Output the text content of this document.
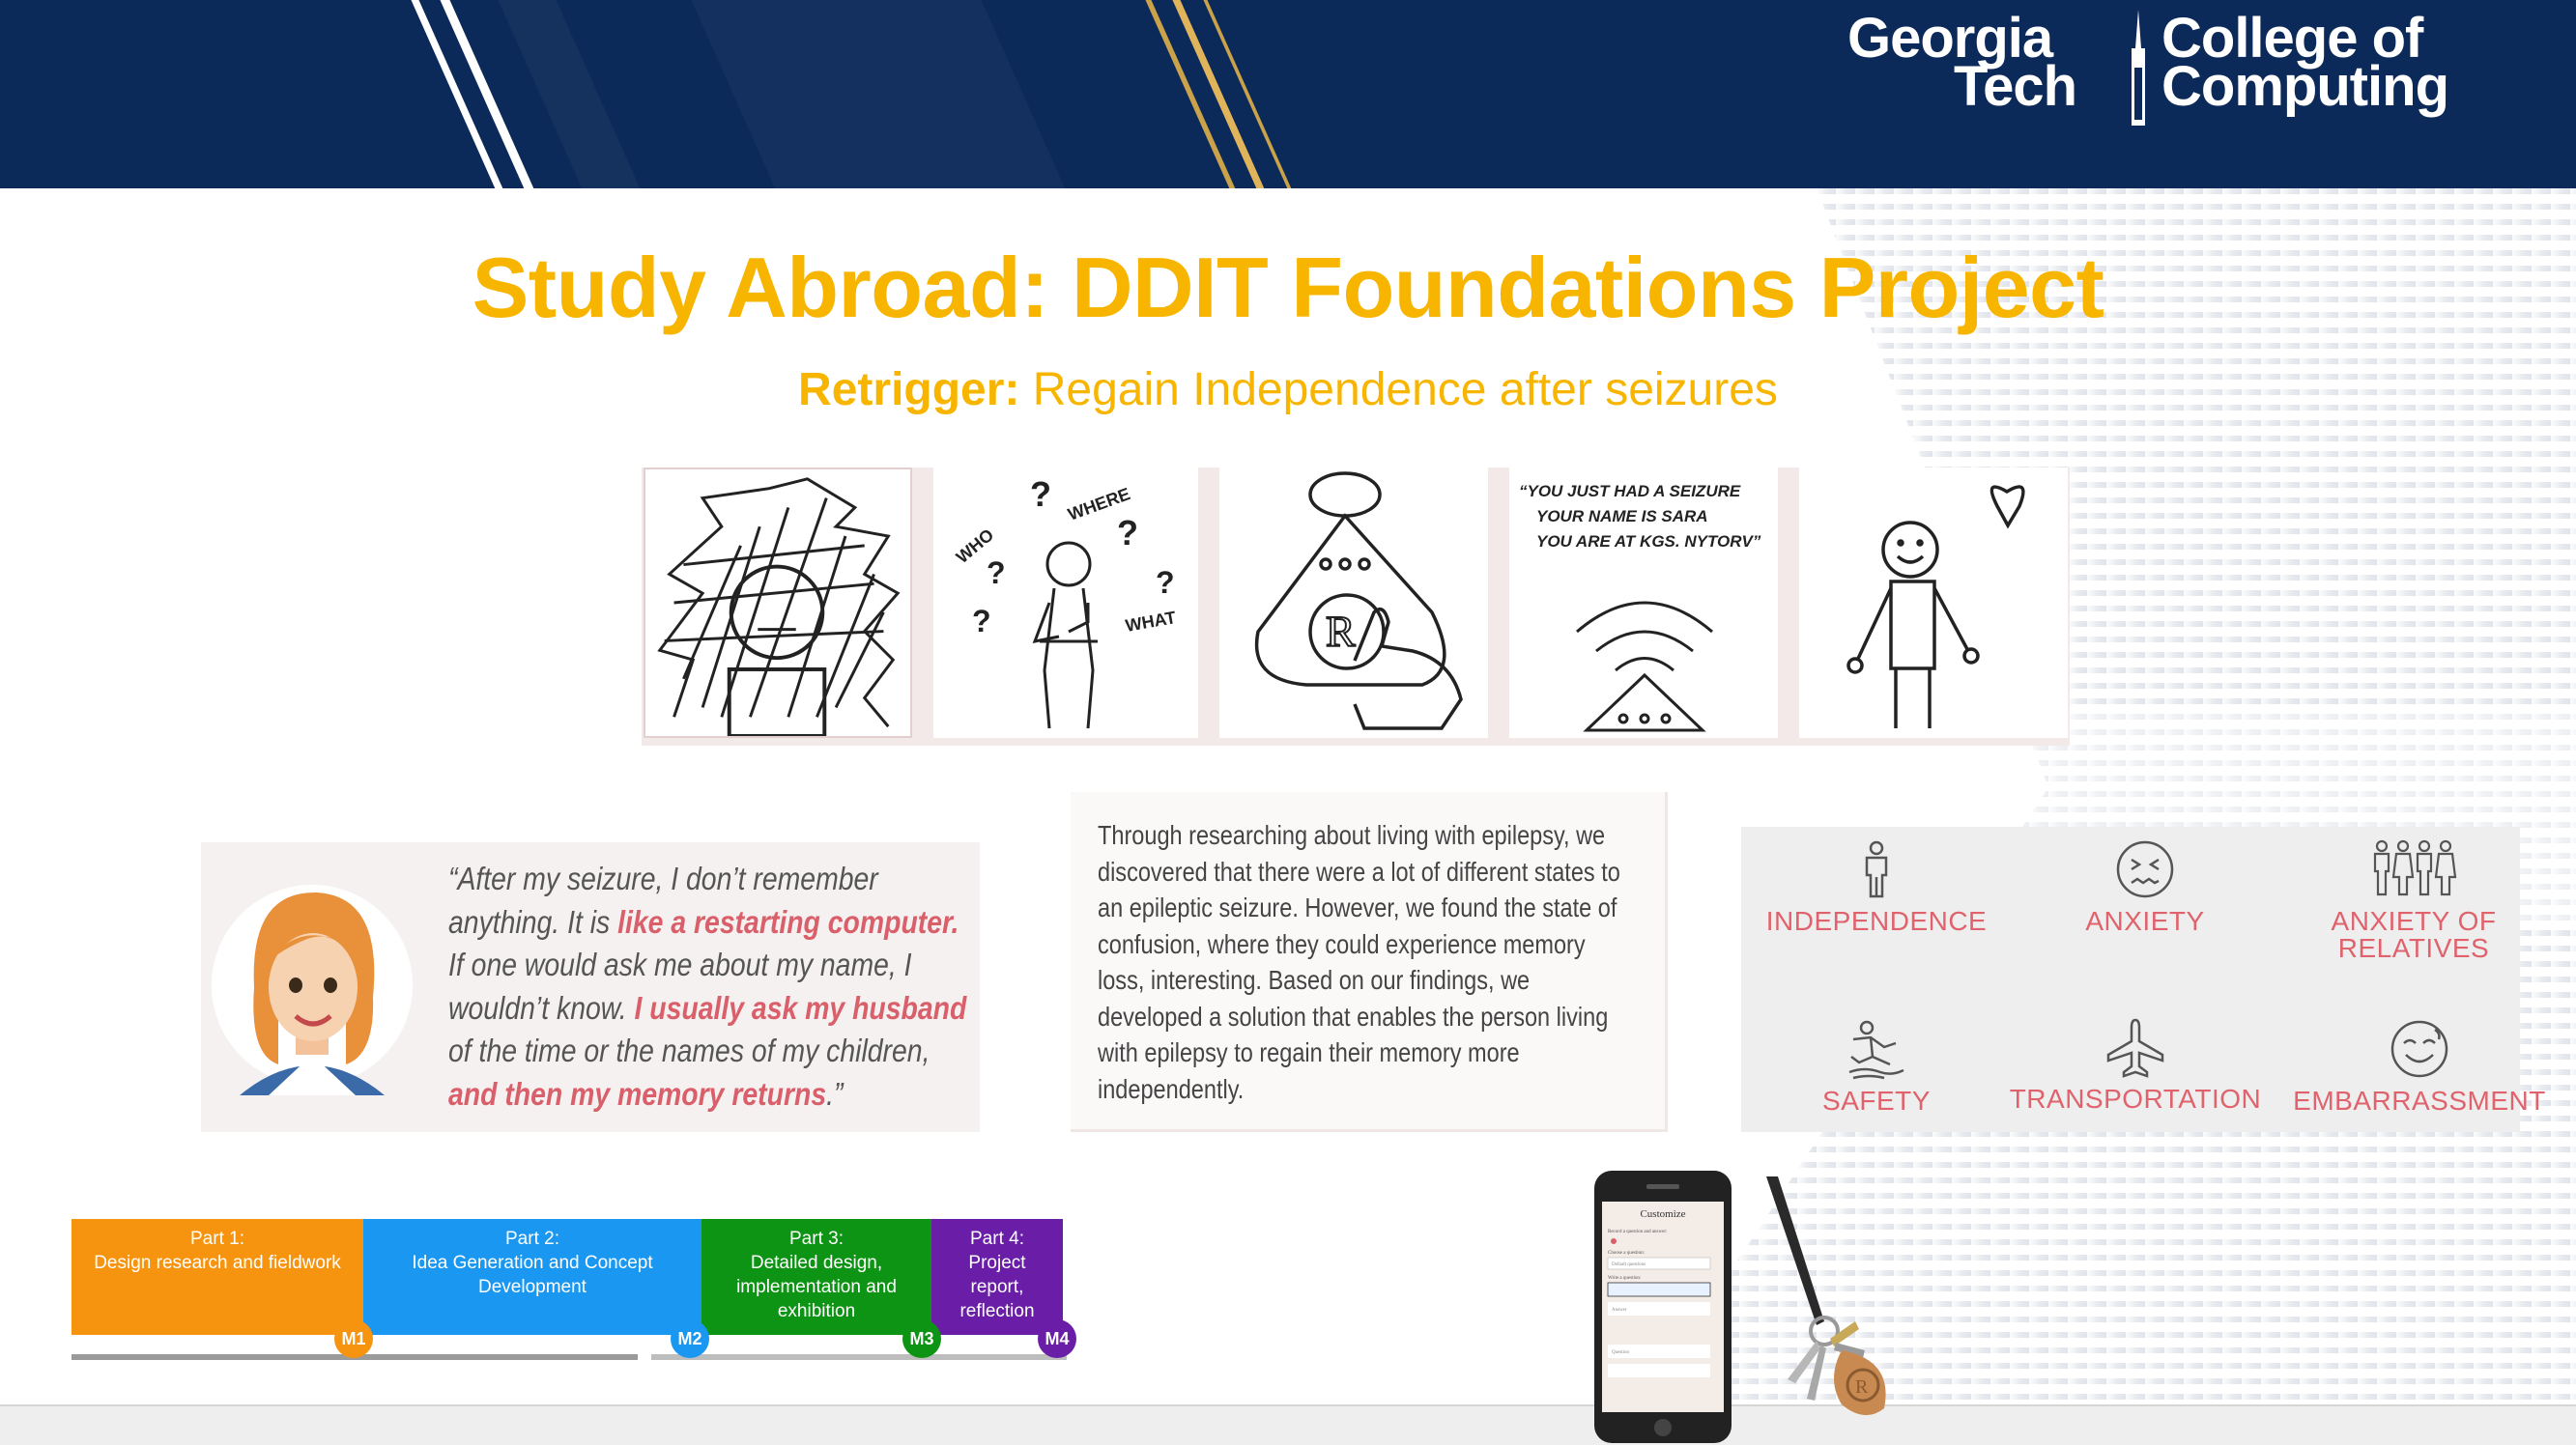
Georgia
Tech
College of
Computing
Study Abroad: DDIT Foundations Project
Retrigger: Regain Independence after seizures
?
?
?
?
?
WHO
WHERE
WHAT	R
“YOU JUST HAD A SEIZURE
YOUR NAME IS SARA
YOU ARE AT KGS. NYTORV”
“After my seizure, I don’t remember anything. It is like a restarting computer. If one would ask me about my name, I wouldn’t know. I usually ask my husband of the time or the names of my children, and then my memory returns.”
Through researching about living with epilepsy, we discovered that there were a lot of different states to an epileptic seizure. However, we found the state of confusion, where they could experience memory loss, interesting. Based on our findings, we developed a solution that enables the person living with epilepsy to regain their memory more independently.
INDEPENDENCE	ANXIETY	ANXIETY OF RELATIVES
SAFETY	TRANSPORTATION	EMBARRASSMENT
Part 1:
Design research and fieldwork
Part 2:
Idea Generation and Concept Development
Part 3:
Detailed design, implementation and exhibition
Part 4:
Project report, reflection
M1	M2	M3	M4
Customize
Record a question and answer:
Choose a question:
Default questions
Write a question:
Answer
Question
R
